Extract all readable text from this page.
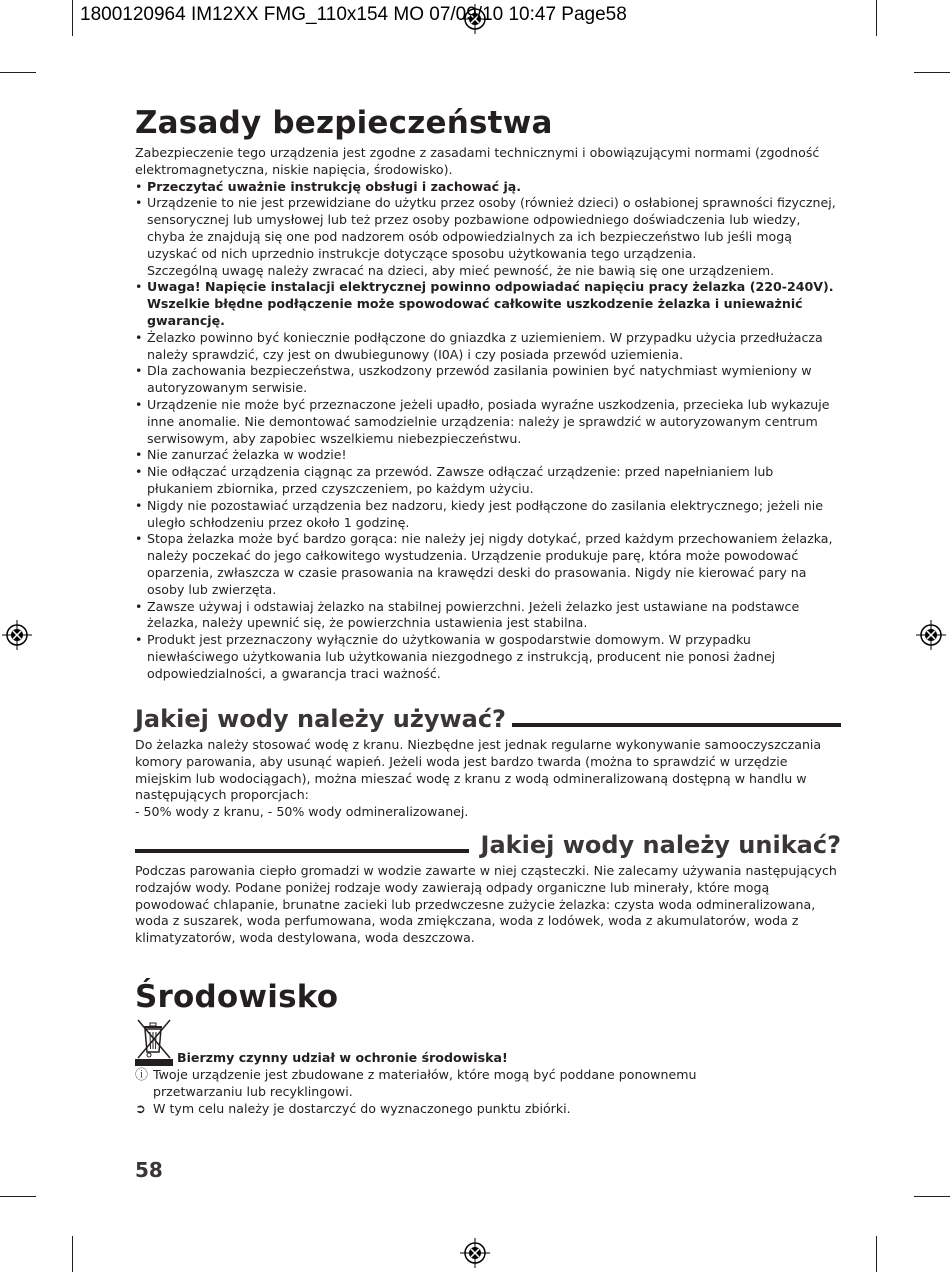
1800120964 IM12XX FMG_110x154 MO 07/09/10 10:47 Page58
Zasady bezpieczeństwa

Zabezpieczenie tego urządzenia jest zgodne z zasadami technicznymi i obowiązującymi normami (zgodność elektromagnetyczna, niskie napięcia, środowisko).

• Przeczytać uważnie instrukcję obsługi i zachować ją.
• Urządzenie to nie jest przewidziane do użytku przez osoby (również dzieci) o osłabionej sprawności fizycznej, sensorycznej lub umysłowej lub też przez osoby pozbawione odpowiedniego doświadczenia lub wiedzy, chyba że znajdują się one pod nadzorem osób odpowiedzialnych za ich bezpieczeństwo lub jeśli mogą uzyskać od nich uprzednio instrukcje dotyczące sposobu użytkowania tego urządzenia.
Szczególną uwagę należy zwracać na dzieci, aby mieć pewność, że nie bawią się one urządzeniem.
• Uwaga! Napięcie instalacji elektrycznej powinno odpowiadać napięciu pracy żelazka (220-240V). Wszelkie błędne podłączenie może spowodować całkowite uszkodzenie żelazka i unieważnić gwarancję.
• Żelazko powinno być koniecznie podłączone do gniazdka z uziemieniem. W przypadku użycia przedłużacza należy sprawdzić, czy jest on dwubiegunowy (I0A) i czy posiada przewód uziemienia.
• Dla zachowania bezpieczeństwa, uszkodzony przewód zasilania powinien być natychmiast wymieniony w autoryzowanym serwisie.
• Urządzenie nie może być przeznaczone jeżeli upadło, posiada wyraźne uszkodzenia, przecieka lub wykazuje inne anomalie. Nie demontować samodzielnie urządzenia: należy je sprawdzić w autoryzowanym centrum serwisowym, aby zapobiec wszelkiemu niebezpieczeństwu.
• Nie zanurzać żelazka w wodzie!
• Nie odłączać urządzenia ciągnąc za przewód. Zawsze odłączać urządzenie: przed napełnianiem lub płukaniem zbiornika, przed czyszczeniem, po każdym użyciu.
• Nigdy nie pozostawiać urządzenia bez nadzoru, kiedy jest podłączone do zasilania elektrycznego; jeżeli nie uległo schłodzeniu przez około 1 godzinę.
• Stopa żelazka może być bardzo gorąca: nie należy jej nigdy dotykać, przed każdym przechowaniem żelazka, należy poczekać do jego całkowitego wystudzenia. Urządzenie produkuje parę, która może powodować oparzenia, zwłaszcza w czasie prasowania na krawędzi deski do prasowania. Nigdy nie kierować pary na osoby lub zwierzęta.
• Zawsze używaj i odstawiaj żelazko na stabilnej powierzchni. Jeżeli żelazko jest ustawiane na podstawce żelazka, należy upewnić się, że powierzchnia ustawienia jest stabilna.
• Produkt jest przeznaczony wyłącznie do użytkowania w gospodarstwie domowym. W przypadku niewłaściwego użytkowania lub użytkowania niezgodnego z instrukcją, producent nie ponosi żadnej odpowiedzialności, a gwarancja traci ważność.
Jakiej wody należy używać?

Do żelazka należy stosować wodę z kranu. Niezbędne jest jednak regularne wykonywanie samooczyszczania komory parowania, aby usunąć wapień. Jeżeli woda jest bardzo twarda (można to sprawdzić w urzędzie miejskim lub wodociągach), można mieszać wodę z kranu z wodą odmineralizowaną dostępną w handlu w następujących proporcjach:

- 50% wody z kranu, - 50% wody odmineralizowanej.

Jakiej wody należy unikać?

Podczas parowania ciepło gromadzi w wodzie zawarte w niej cząsteczki. Nie zalecamy używania następujących rodzajów wody. Podane poniżej rodzaje wody zawierają odpady organiczne lub minerały, które mogą powodować chlapanie, brunatne zacieki lub przedwczesne zużycie żelazka: czysta woda odmineralizowana, woda z suszarek, woda perfumowana, woda zmiękczana, woda z lodówek, woda z akumulatorów, woda z klimatyzatorów, woda destylowana, woda deszczowa.

Środowisko
Bierzmy czynny udział w ochronie środowiska!
ⓘ Twoje urządzenie jest zbudowane z materiałów, które mogą być poddane ponownemu przetwarzaniu lub recyklingowi.
➲ W tym celu należy je dostarczyć do wyznaczonego punktu zbiórki.
58
